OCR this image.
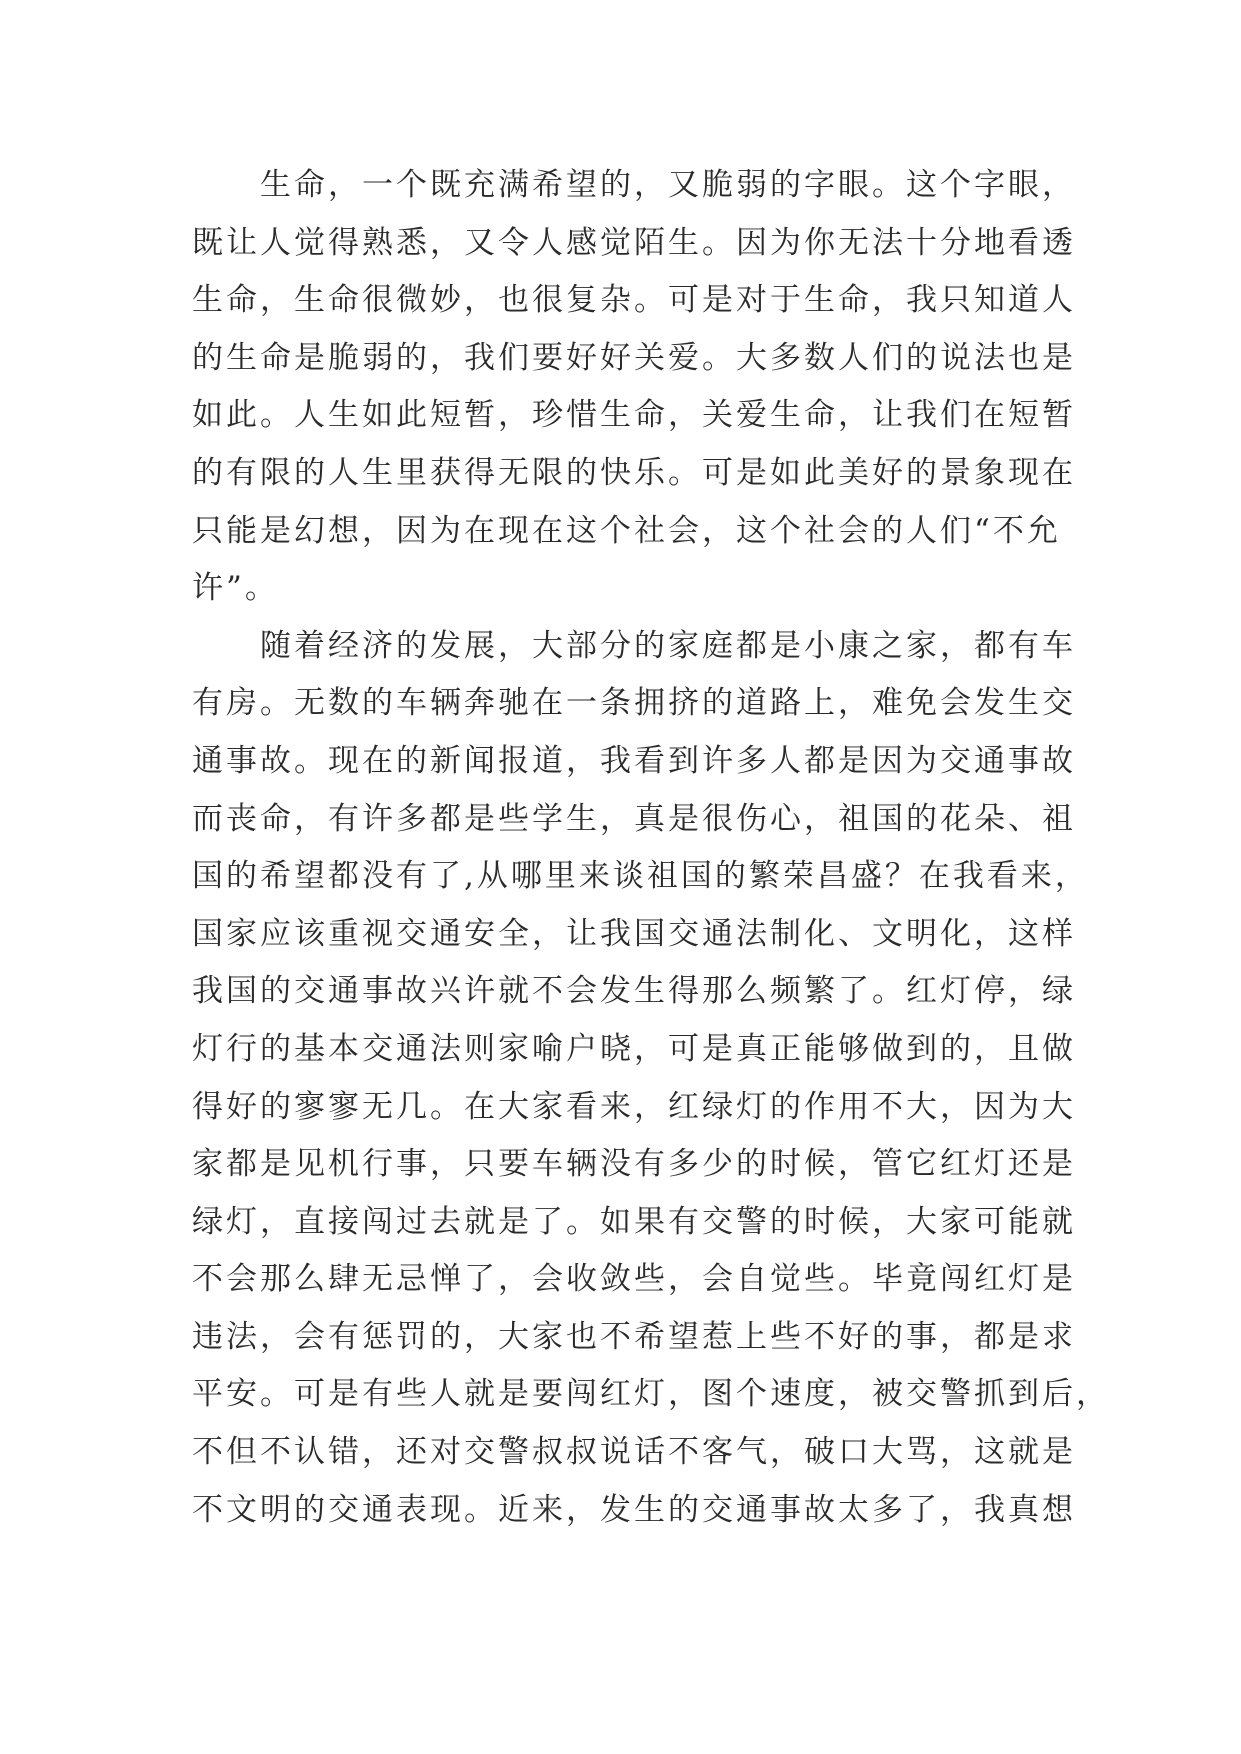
生命，一个既充满希望的，又脆弱的字眼。这个字眼，
既让人觉得熟悉，又令人感觉陌生。因为你无法十分地看透
生命，生命很微妙，也很复杂。可是对于生命，我只知道人
的生命是脆弱的，我们要好好关爱。大多数人们的说法也是
如此。人生如此短暂，珍惜生命，关爱生命，让我们在短暂
的有限的人生里获得无限的快乐。可是如此美好的景象现在
只能是幻想，因为在现在这个社会，这个社会的人们“不允
许”。
随着经济的发展，大部分的家庭都是小康之家，都有车
有房。无数的车辆奔驰在一条拥挤的道路上，难免会发生交
通事故。现在的新闻报道，我看到许多人都是因为交通事故
而丧命，有许多都是些学生，真是很伤心，祖国的花朵、祖
国的希望都没有了,从哪里来谈祖国的繁荣昌盛？在我看来，
国家应该重视交通安全，让我国交通法制化、文明化，这样
我国的交通事故兴许就不会发生得那么频繁了。红灯停，绿
灯行的基本交通法则家喻户晓，可是真正能够做到的，且做
得好的寥寥无几。在大家看来，红绿灯的作用不大，因为大
家都是见机行事，只要车辆没有多少的时候，管它红灯还是
绿灯，直接闯过去就是了。如果有交警的时候，大家可能就
不会那么肆无忌惮了，会收敛些，会自觉些。毕竟闯红灯是
违法，会有惩罚的，大家也不希望惹上些不好的事，都是求
平安。可是有些人就是要闯红灯，图个速度，被交警抓到后，
不但不认错，还对交警叔叔说话不客气，破口大骂，这就是
不文明的交通表现。近来，发生的交通事故太多了，我真想
